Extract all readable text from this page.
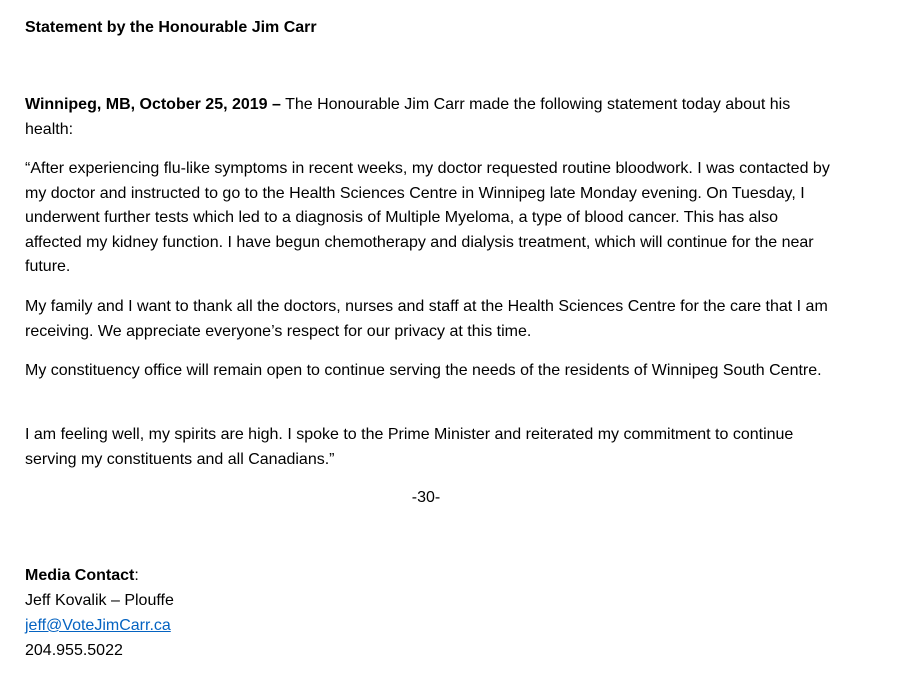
Statement by the Honourable Jim Carr

Winnipeg, MB, October 25, 2019 – The Honourable Jim Carr made the following statement today about his health:

“After experiencing flu-like symptoms in recent weeks, my doctor requested routine bloodwork. I was contacted by my doctor and instructed to go to the Health Sciences Centre in Winnipeg late Monday evening. On Tuesday, I underwent further tests which led to a diagnosis of Multiple Myeloma, a type of blood cancer. This has also affected my kidney function. I have begun chemotherapy and dialysis treatment, which will continue for the near future.

My family and I want to thank all the doctors, nurses and staff at the Health Sciences Centre for the care that I am receiving. We appreciate everyone’s respect for our privacy at this time.

My constituency office will remain open to continue serving the needs of the residents of Winnipeg South Centre.

I am feeling well, my spirits are high. I spoke to the Prime Minister and reiterated my commitment to continue serving my constituents and all Canadians.”

-30-
Media Contact:
Jeff Kovalik – Plouffe
jeff@VoteJimCarr.ca
204.955.5022
